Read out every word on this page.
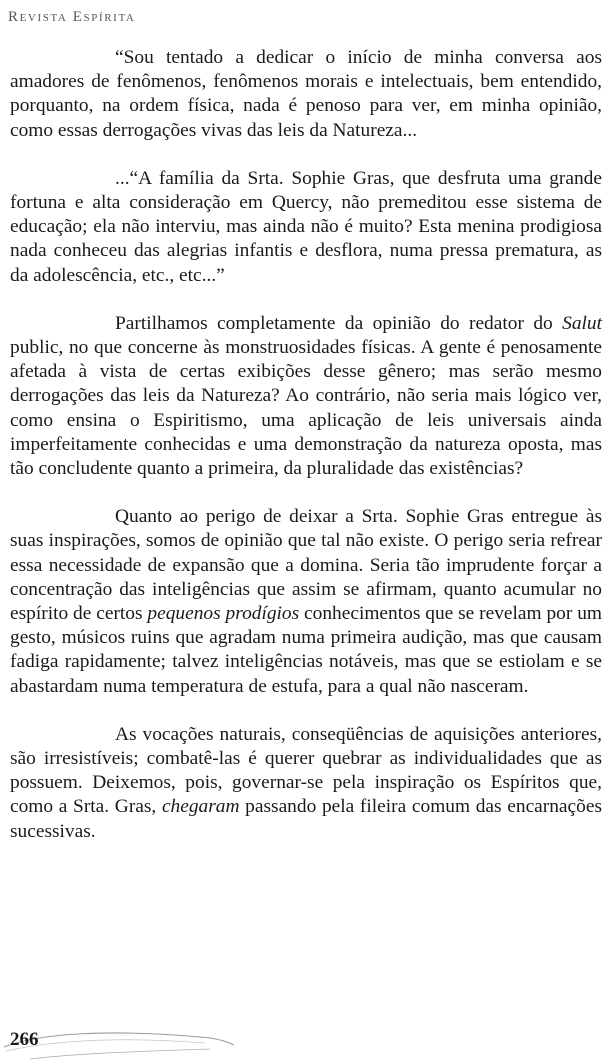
Revista Espírita

“Sou tentado a dedicar o início de minha conversa aos amadores de fenômenos, fenômenos morais e intelectuais, bem entendido, porquanto, na ordem física, nada é penoso para ver, em minha opinião, como essas derrogações vivas das leis da Natureza...

...“A família da Srta. Sophie Gras, que desfruta uma grande fortuna e alta consideração em Quercy, não premeditou esse sistema de educação; ela não interviu, mas ainda não é muito? Esta menina prodigiosa nada conheceu das alegrias infantis e desflora, numa pressa prematura, as da adolescência, etc., etc...”

Partilhamos completamente da opinião do redator do Salut public, no que concerne às monstruosidades físicas. A gente é penosamente afetada à vista de certas exibições desse gênero; mas serão mesmo derrogações das leis da Natureza? Ao contrário, não seria mais lógico ver, como ensina o Espiritismo, uma aplicação de leis universais ainda imperfeitamente conhecidas e uma demonstração da natureza oposta, mas tão concludente quanto a primeira, da pluralidade das existências?

Quanto ao perigo de deixar a Srta. Sophie Gras entregue às suas inspirações, somos de opinião que tal não existe. O perigo seria refrear essa necessidade de expansão que a domina. Seria tão imprudente forçar a concentração das inteligências que assim se afirmam, quanto acumular no espírito de certos pequenos prodígios conhecimentos que se revelam por um gesto, músicos ruins que agradam numa primeira audição, mas que causam fadiga rapidamente; talvez inteligências notáveis, mas que se estiolam e se abastardam numa temperatura de estufa, para a qual não nasceram.

As vocações naturais, conseqüências de aquisições anteriores, são irresistíveis; combatê-las é querer quebrar as individualidades que as possuem. Deixemos, pois, governar-se pela inspiração os Espíritos que, como a Srta. Gras, chegaram passando pela fileira comum das encarnações sucessivas.

266
